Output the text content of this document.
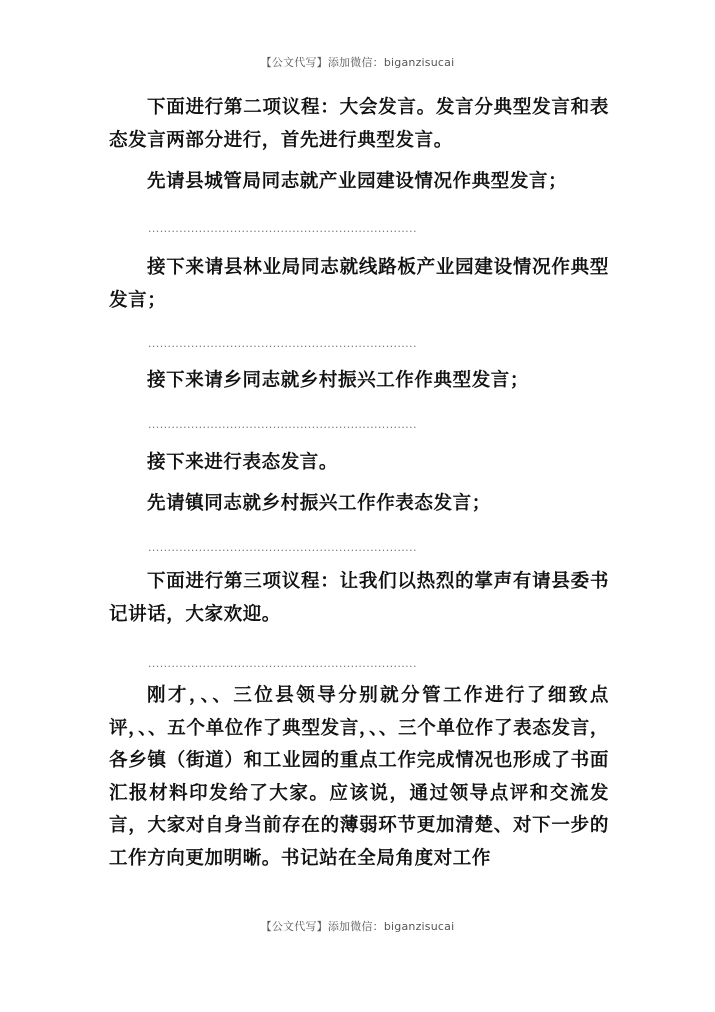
【公文代写】添加微信：biganzisucai

下面进行第二项议程：大会发言。发言分典型发言和表态发言两部分进行，首先进行典型发言。

先请县城管局同志就产业园建设情况作典型发言；

.....................................................................

接下来请县林业局同志就线路板产业园建设情况作典型发言；

.....................................................................

接下来请乡同志就乡村振兴工作作典型发言；

.....................................................................

接下来进行表态发言。

先请镇同志就乡村振兴工作作表态发言；

.....................................................................

下面进行第三项议程：让我们以热烈的掌声有请县委书记讲话，大家欢迎。

.....................................................................

刚才，、、三位县领导分别就分管工作进行了细致点评，、、五个单位作了典型发言，、、三个单位作了表态发言，各乡镇（街道）和工业园的重点工作完成情况也形成了书面汇报材料印发给了大家。应该说，通过领导点评和交流发言，大家对自身当前存在的薄弱环节更加清楚、对下一步的工作方向更加明晰。书记站在全局角度对工作

【公文代写】添加微信：biganzisucai
